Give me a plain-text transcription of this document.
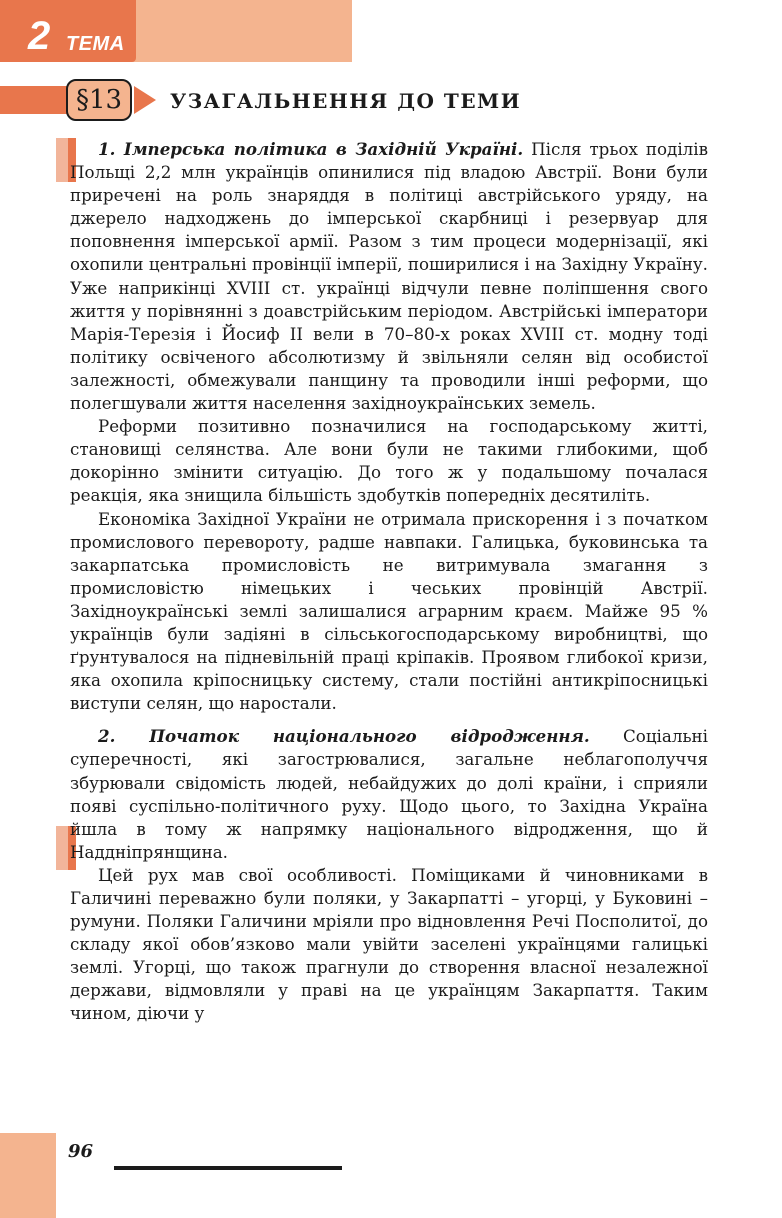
2 ТЕМА
§13	УЗАГАЛЬНЕННЯ ДО ТЕМИ

1. Імперська політика в Західній Україні. Після трьох поділів Польщі 2,2 млн українців опинилися під владою Австрії. Вони були приречені на роль знаряддя в політиці австрійського уряду, на джерело надходжень до імперської скарбниці і резервуар для поповнення імперської армії. Разом з тим процеси модернізації, які охопили центральні провінції імперії, поширилися і на Західну Україну. Уже наприкінці XVIII ст. українці відчули певне поліпшення свого життя у порівнянні з доавстрійським періодом. Австрійські імператори Марія-Терезія і Йосиф II вели в 70–80-х роках XVIII ст. модну тоді політику освіченого абсолютизму й звільняли селян від особистої залежності, обмежували панщину та проводили інші реформи, що полегшували життя населення західноукраїнських земель.

Реформи позитивно позначилися на господарському житті, становищі селянства. Але вони були не такими глибокими, щоб докорінно змінити ситуацію. До того ж у подальшому почалася реакція, яка знищила більшість здобутків попередніх десятиліть.

Економіка Західної України не отримала прискорення і з початком промислового перевороту, радше навпаки. Галицька, буковинська та закарпатська промисловість не витримувала змагання з промисловістю німецьких і чеських провінцій Австрії. Західноукраїнські землі залишалися аграрним краєм. Майже 95 % українців були задіяні в сільськогосподарському виробництві, що ґрунтувалося на підневільній праці кріпаків. Проявом глибокої кризи, яка охопила кріпосницьку систему, стали постійні антикріпосницькі виступи селян, що наростали.

2. Початок національного відродження. Соціальні суперечності, які загострювалися, загальне неблагополуччя збурювали свідомість людей, небайдужих до долі країни, і сприяли появі суспільно-політичного руху. Щодо цього, то Західна Україна йшла в тому ж напрямку національного відродження, що й Наддніпрянщина.

Цей рух мав свої особливості. Поміщиками й чиновниками в Галичині переважно були поляки, у Закарпатті – угорці, у Буковині – румуни. Поляки Галичини мріяли про відновлення Речі Посполитої, до складу якої обов’язково мали увійти заселені українцями галицькі землі. Угорці, що також прагнули до створення власної незалежної держави, відмовляли у праві на це українцям Закарпаття. Таким чином, діючи у

96
